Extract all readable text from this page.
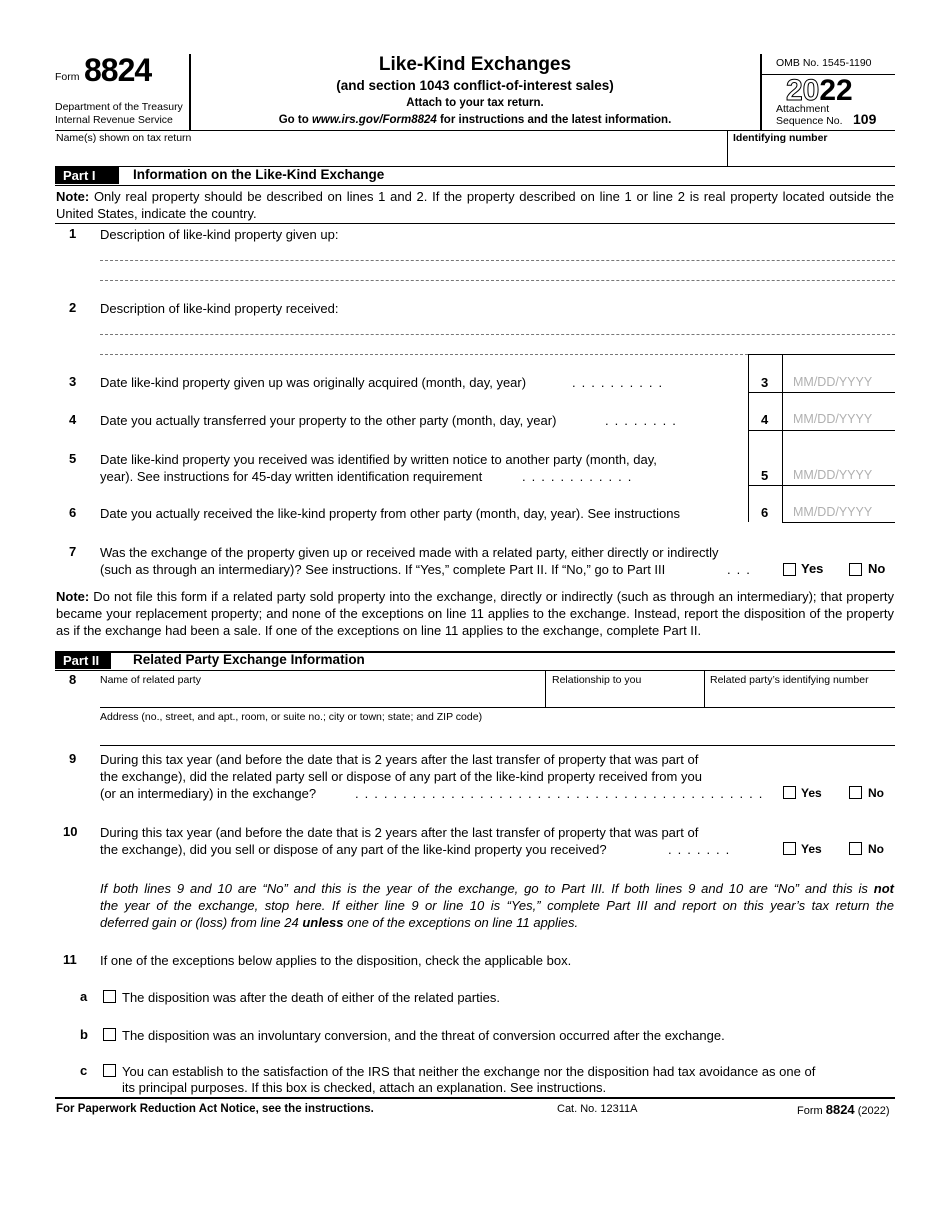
Form 8824
Department of the Treasury
Internal Revenue Service
Like-Kind Exchanges
(and section 1043 conflict-of-interest sales)
Attach to your tax return.
Go to www.irs.gov/Form8824 for instructions and the latest information.
OMB No. 1545-1190
2022
Attachment
Sequence No. 109
Name(s) shown on tax return	Identifying number
Part I	Information on the Like-Kind Exchange
Note: Only real property should be described on lines 1 and 2. If the property described on line 1 or line 2 is real property located outside the United States, indicate the country.
1 Description of like-kind property given up:
2 Description of like-kind property received:
3 Date like-kind property given up was originally acquired (month, day, year)	..........	3 MM/DD/YYYY
4 Date you actually transferred your property to the other party (month, day, year)	........	4 MM/DD/YYYY
5 Date like-kind property you received was identified by written notice to another party (month, day,
year). See instructions for 45-day written identification requirement	............	5 MM/DD/YYYY
6 Date you actually received the like-kind property from other party (month, day, year). See instructions	6 MM/DD/YYYY
7 Was the exchange of the property given up or received made with a related party, either directly or indirectly
(such as through an intermediary)? See instructions. If “Yes,” complete Part II. If “No,” go to Part III	...	Yes	No
Note: Do not file this form if a related party sold property into the exchange, directly or indirectly (such as through an intermediary); that property became your replacement property; and none of the exceptions on line 11 applies to the exchange. Instead, report the disposition of the property as if the exchange had been a sale. If one of the exceptions on line 11 applies to the exchange, complete Part II.
Part II	Related Party Exchange Information
8 Name of related party	Relationship to you	Related party’s identifying number
Address (no., street, and apt., room, or suite no.; city or town; state; and ZIP code)
9 During this tax year (and before the date that is 2 years after the last transfer of property that was part of
the exchange), did the related party sell or dispose of any part of the like-kind property received from you
(or an intermediary) in the exchange?	...........................................	Yes	No
10 During this tax year (and before the date that is 2 years after the last transfer of property that was part of
the exchange), did you sell or dispose of any part of the like-kind property you received?	.......	Yes	No
If both lines 9 and 10 are “No” and this is the year of the exchange, go to Part III. If both lines 9 and 10 are “No” and this is not
the year of the exchange, stop here. If either line 9 or line 10 is “Yes,” complete Part III and report on this year’s tax return the
deferred gain or (loss) from line 24 unless one of the exceptions on line 11 applies.
11 If one of the exceptions below applies to the disposition, check the applicable box.
a	The disposition was after the death of either of the related parties.
b	The disposition was an involuntary conversion, and the threat of conversion occurred after the exchange.
c	You can establish to the satisfaction of the IRS that neither the exchange nor the disposition had tax avoidance as one of
its principal purposes. If this box is checked, attach an explanation. See instructions.
For Paperwork Reduction Act Notice, see the instructions.	Cat. No. 12311A	Form 8824 (2022)
